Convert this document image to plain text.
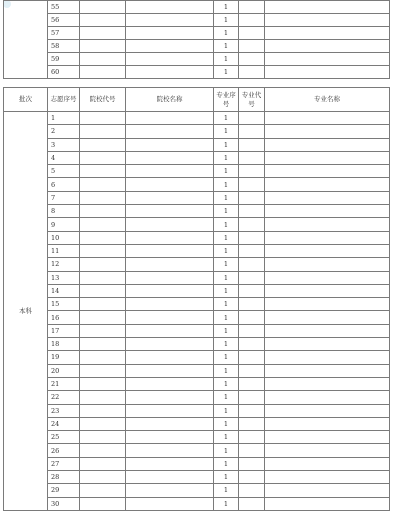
	55			1		
	56			1		
	57			1		
	58			1		
	59			1		
	60			1		
批次	志愿序号	院校代号	院校名称	专业序号	专业代号	专业名称
本科	1			1		
	2			1		
	3			1		
	4			1		
	5			1		
	6			1		
	7			1		
	8			1		
	9			1		
	10			1		
	11			1		
	12			1		
	13			1		
	14			1		
	15			1		
	16			1		
	17			1		
	18			1		
	19			1		
	20			1		
	21			1		
	22			1		
	23			1		
	24			1		
	25			1		
	26			1		
	27			1		
	28			1		
	29			1		
	30			1		
